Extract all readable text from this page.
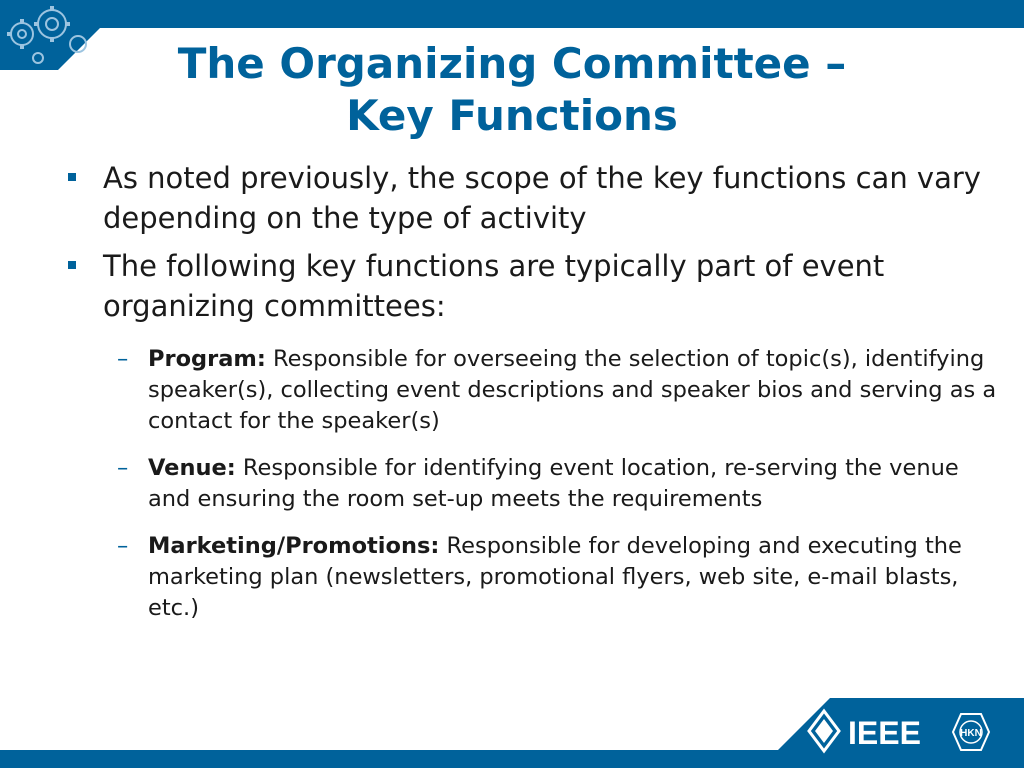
The Organizing Committee –
Key Functions
As noted previously, the scope of the key functions can vary depending on the type of activity
The following key functions are typically part of event organizing committees:
– Program: Responsible for overseeing the selection of topic(s), identifying speaker(s), collecting event descriptions and speaker bios and serving as a contact for the speaker(s)
– Venue: Responsible for identifying event location, re-serving the venue and ensuring the room set-up meets the requirements
– Marketing/Promotions: Responsible for developing and executing the marketing plan (newsletters, promotional flyers, web site, e-mail blasts, etc.)
IEEE	HKN
